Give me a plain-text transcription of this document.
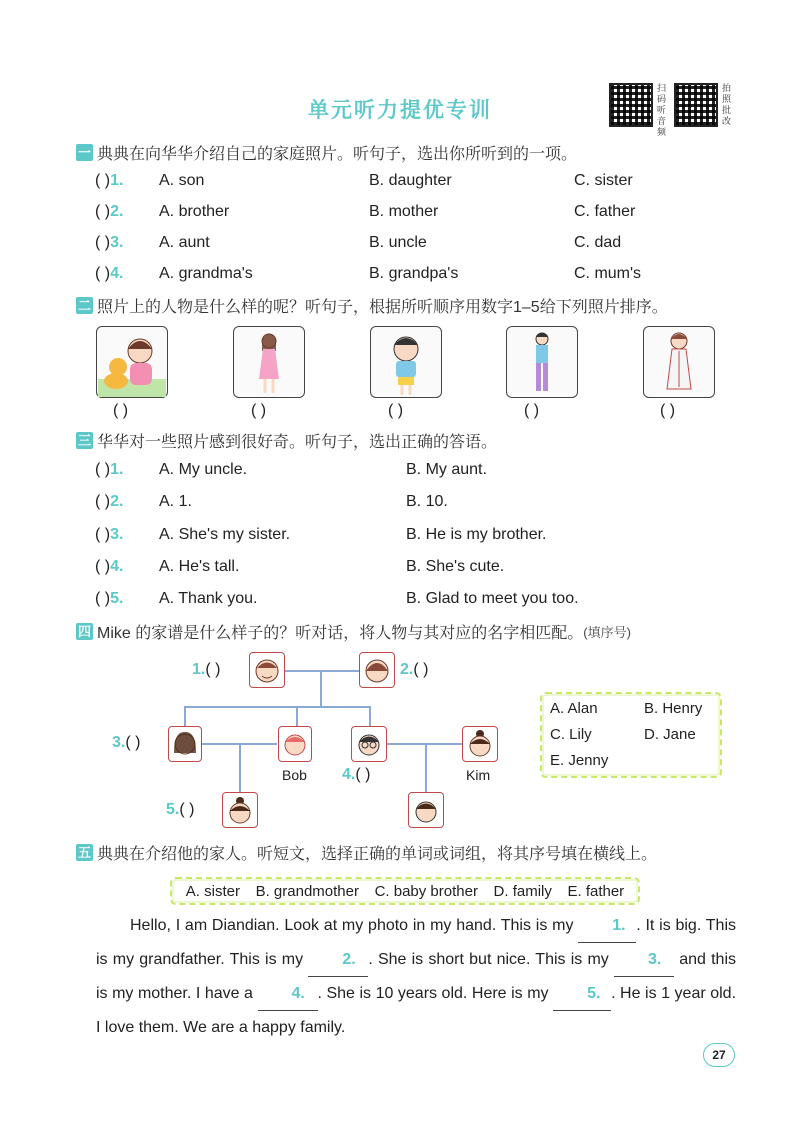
单元听力提优专训
扫码听音频
拍照批改
一 典典在向华华介绍自己的家庭照片。听句子，选出你所听到的一项。
( )1. A. son	B. daughter	C. sister
( )2. A. brother	B. mother	C. father
( )3. A. aunt	B. uncle	C. dad
( )4. A. grandma's	B. grandpa's	C. mum's
二 照片上的人物是什么样的呢？听句子，根据所听顺序用数字1–5给下列照片排序。
( )	( )	( )	( )	( )
三 华华对一些照片感到很好奇。听句子，选出正确的答语。
( )1. A. My uncle.	B. My aunt.
( )2. A. 1.	B. 10.
( )3. A. She's my sister.	B. He is my brother.
( )4. A. He's tall.	B. She's cute.
( )5. A. Thank you.	B. Glad to meet you too.
四 Mike 的家谱是什么样子的？听对话，将人物与其对应的名字相匹配。 (填序号)
1.( )	2.( )
3.( )
Bob 4.( )	Kim
5.( )
A. Alan	B. Henry
C. Lily	D. Jane
E. Jenny
五 典典在介绍他的家人。听短文，选择正确的单词或词组，将其序号填在横线上。
A. sister B. grandmother C. baby brother D. family E. father
Hello, I am Diandian. Look at my photo in my hand. This is my 1. . It is big. This is my grandfather. This is my 2. . She is short but nice. This is my 3. and this is my mother. I have a 4. . She is 10 years old. Here is my 5. . He is 1 year old. I love them. We are a happy family.
27
